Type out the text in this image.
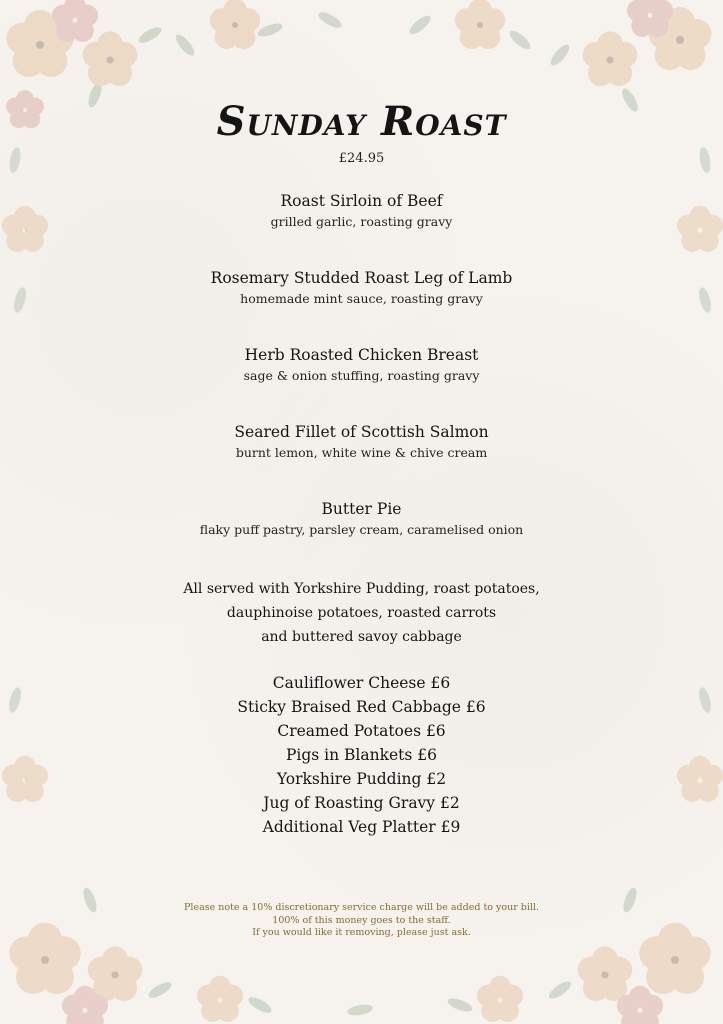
Sunday Roast
£24.95
Roast Sirloin of Beef
grilled garlic, roasting gravy
Rosemary Studded Roast Leg of Lamb
homemade mint sauce, roasting gravy
Herb Roasted Chicken Breast
sage & onion stuffing, roasting gravy
Seared Fillet of Scottish Salmon
burnt lemon, white wine & chive cream
Butter Pie
flaky puff pastry, parsley cream, caramelised onion
All served with Yorkshire Pudding, roast potatoes,
dauphinoise potatoes, roasted carrots
and buttered savoy cabbage
Cauliflower Cheese £6
Sticky Braised Red Cabbage £6
Creamed Potatoes £6
Pigs in Blankets £6
Yorkshire Pudding £2
Jug of Roasting Gravy £2
Additional Veg Platter £9
Please note a 10% discretionary service charge will be added to your bill.
100% of this money goes to the staff.
If you would like it removing, please just ask.
